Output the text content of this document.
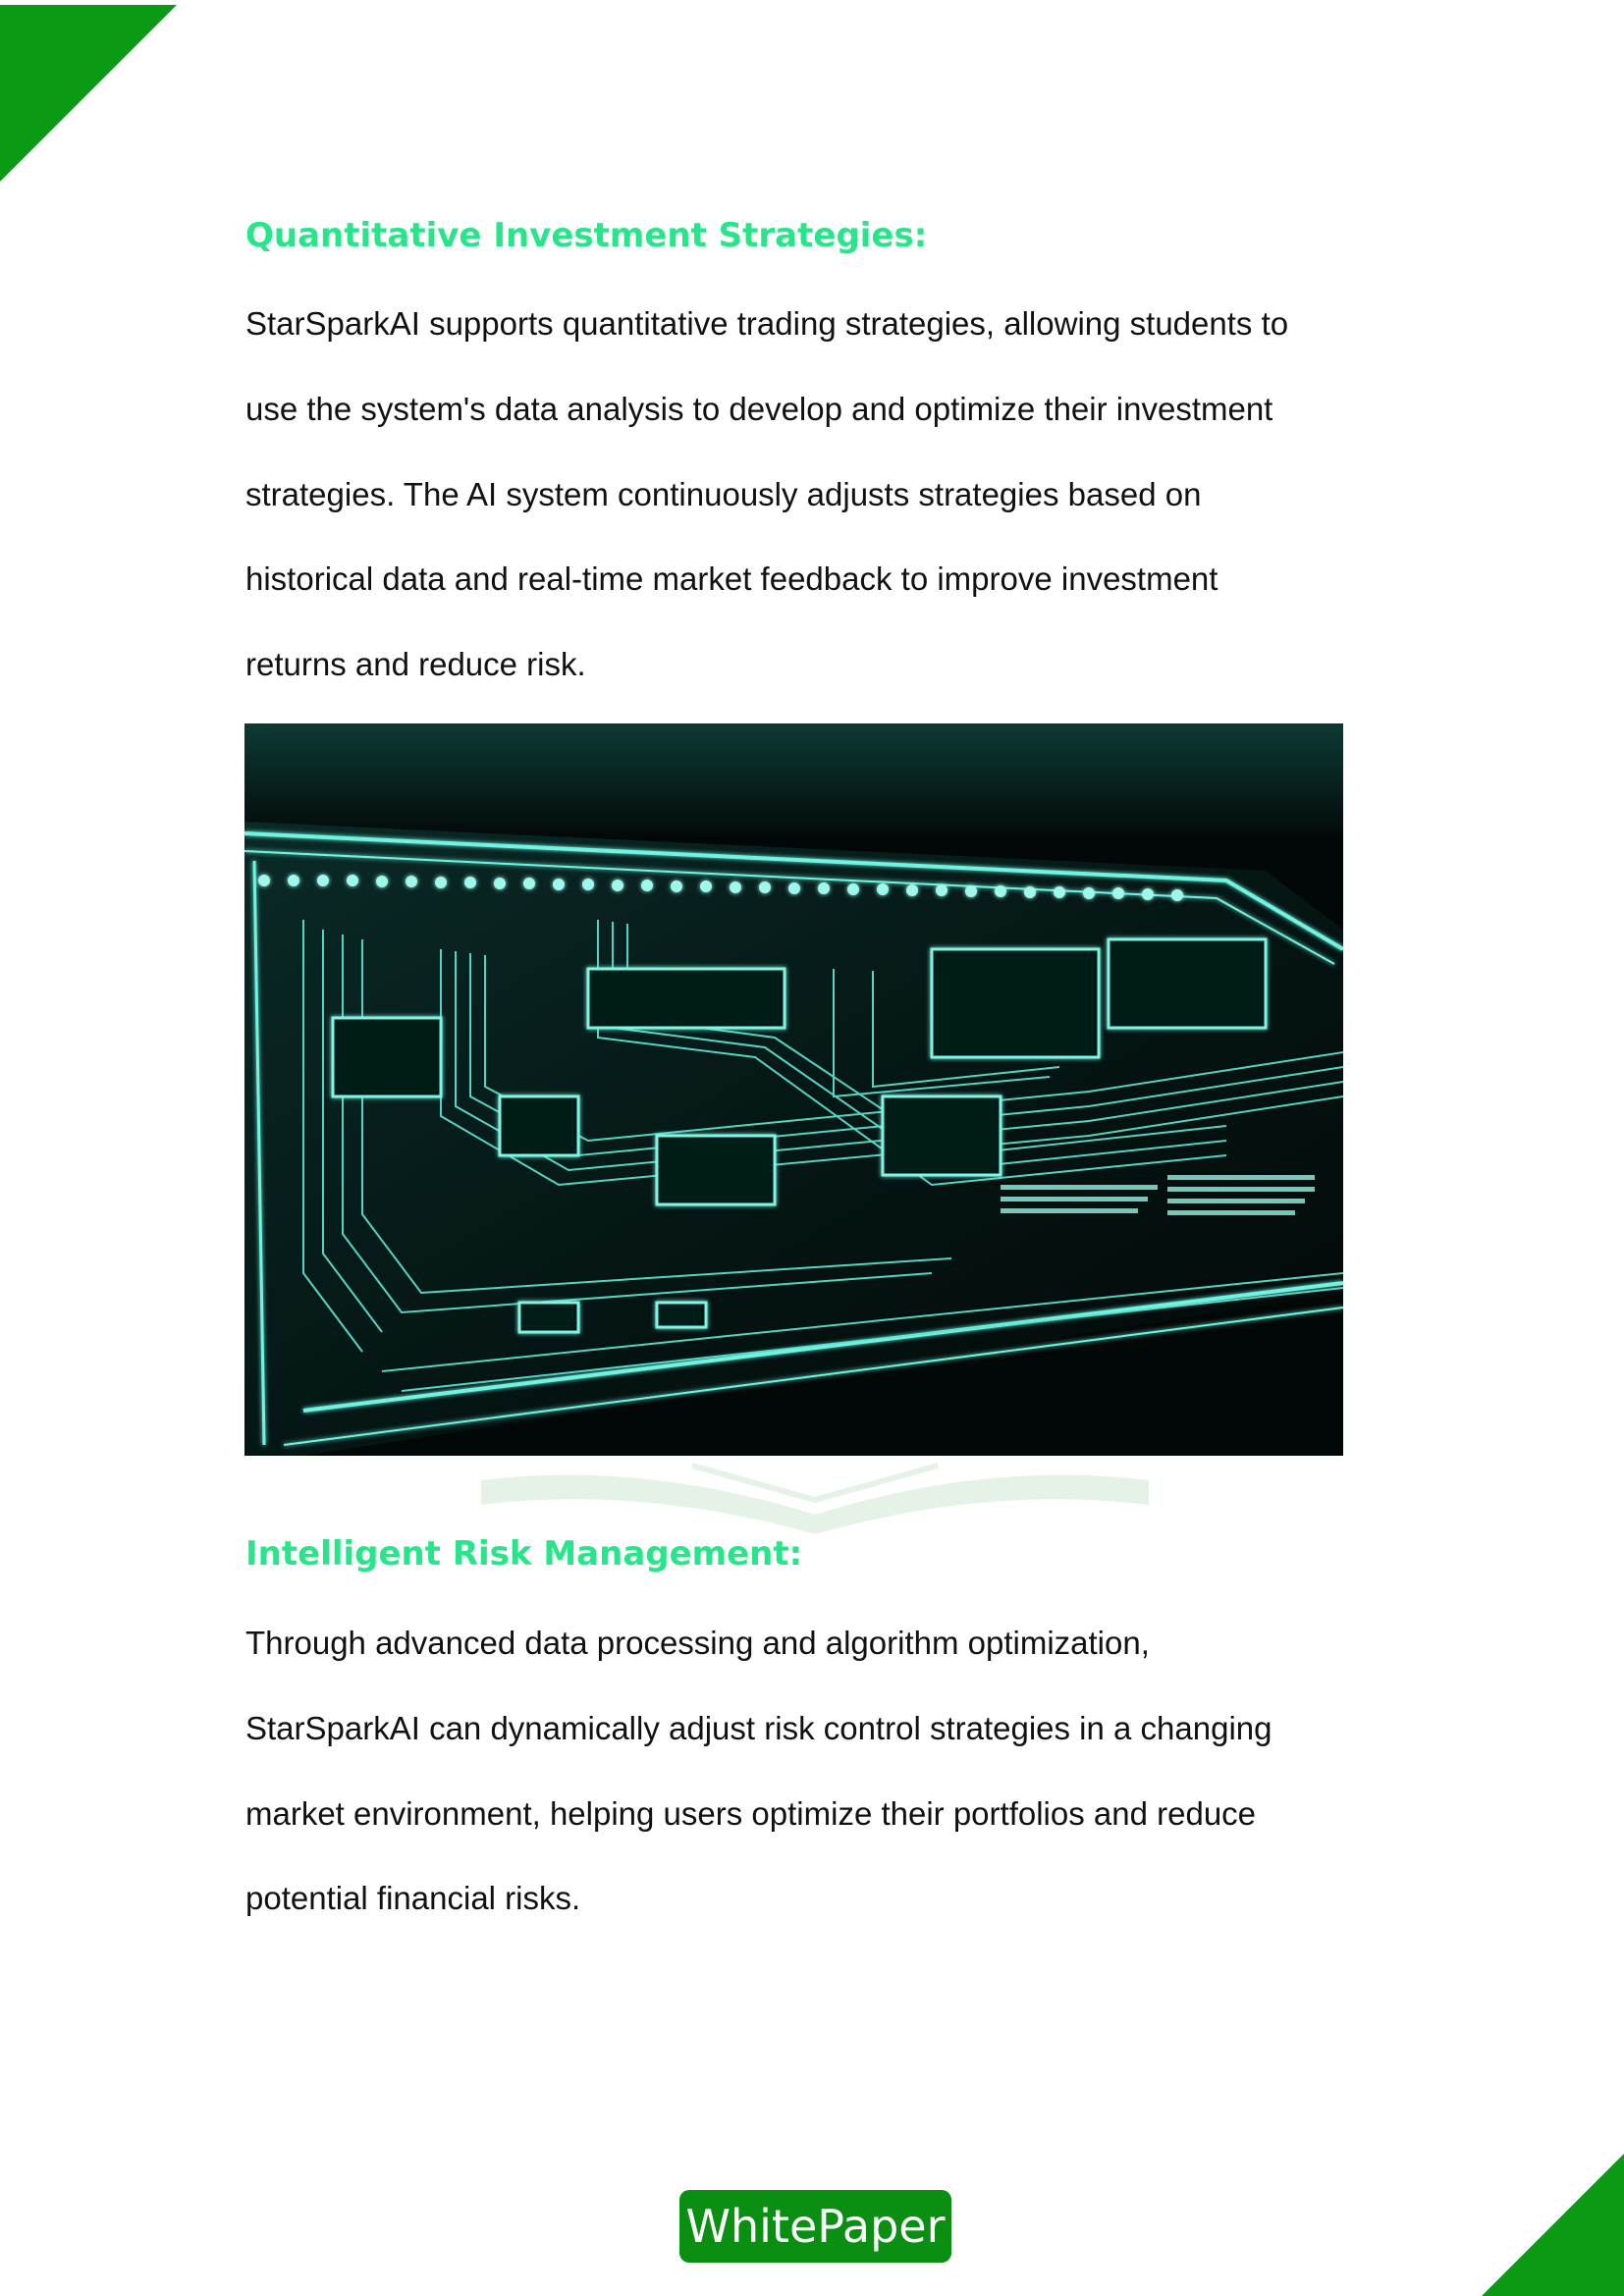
Quantitative Investment Strategies:
StarSparkAI supports quantitative trading strategies, allowing students to
use the system's data analysis to develop and optimize their investment
strategies. The AI system continuously adjusts strategies based on
historical data and real-time market feedback to improve investment
returns and reduce risk.
Intelligent Risk Management:
Through advanced data processing and algorithm optimization,
StarSparkAI can dynamically adjust risk control strategies in a changing
market environment, helping users optimize their portfolios and reduce
potential financial risks.
WhitePaper
